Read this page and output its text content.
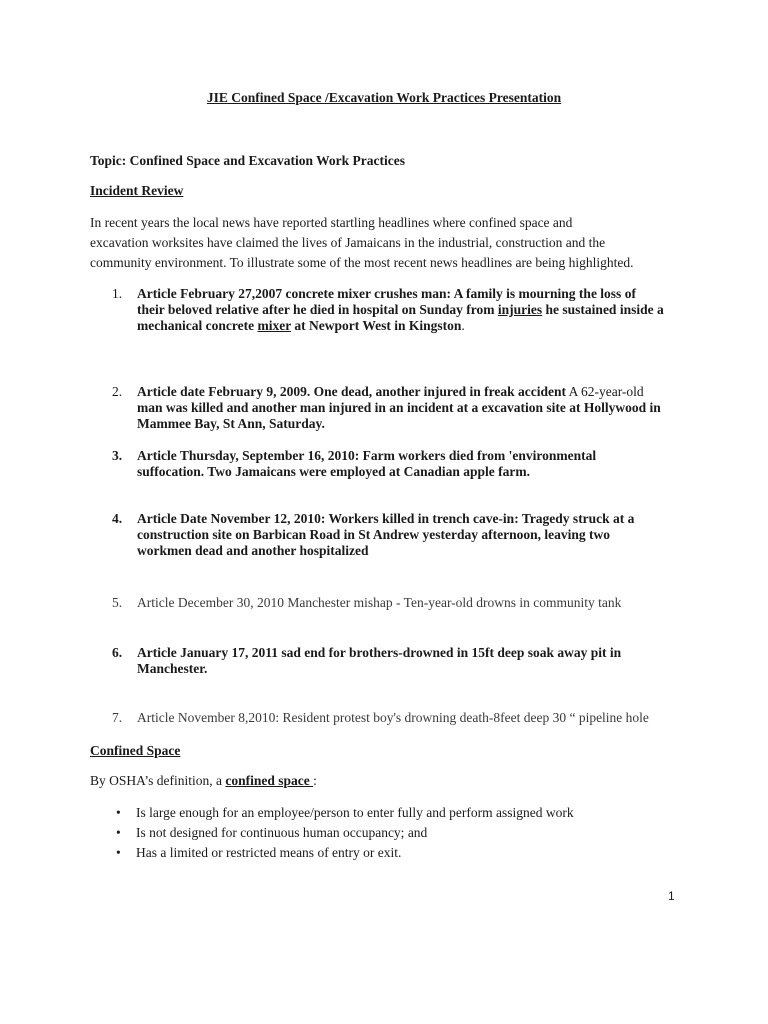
JIE Confined Space /Excavation Work Practices Presentation
Topic: Confined Space and Excavation Work Practices
Incident Review

In recent years the local news have reported startling headlines where confined space and

excavation worksites have claimed the lives of Jamaicans in the industrial, construction and the

community environment. To illustrate some of the most recent news headlines are being highlighted.

1.	Article February 27,2007 concrete mixer crushes man: A family is mourning the loss of
their beloved relative after he died in hospital on Sunday from injuries he sustained inside a
mechanical concrete mixer at Newport West in Kingston.
2.	Article date February 9, 2009. One dead, another injured in freak accident A 62-year-old
man was killed and another man injured in an incident at a excavation site at Hollywood in
Mammee Bay, St Ann, Saturday.
3.	Article Thursday, September 16, 2010: Farm workers died from 'environmental
suffocation. Two Jamaicans were employed at Canadian apple farm.
4.	Article Date November 12, 2010: Workers killed in trench cave-in: Tragedy struck at a
construction site on Barbican Road in St Andrew yesterday afternoon, leaving two
workmen dead and another hospitalized
5.	Article December 30, 2010 Manchester mishap - Ten-year-old drowns in community tank
6.	Article January 17, 2011 sad end for brothers-drowned in 15ft deep soak away pit in
Manchester.
7.	Article November 8,2010: Resident protest boy's drowning death-8feet deep 30 “ pipeline hole
Confined Space
By OSHA’s definition, a confined space :
• Is large enough for an employee/person to enter fully and perform assigned work
• Is not designed for continuous human occupancy; and
• Has a limited or restricted means of entry or exit.
1
